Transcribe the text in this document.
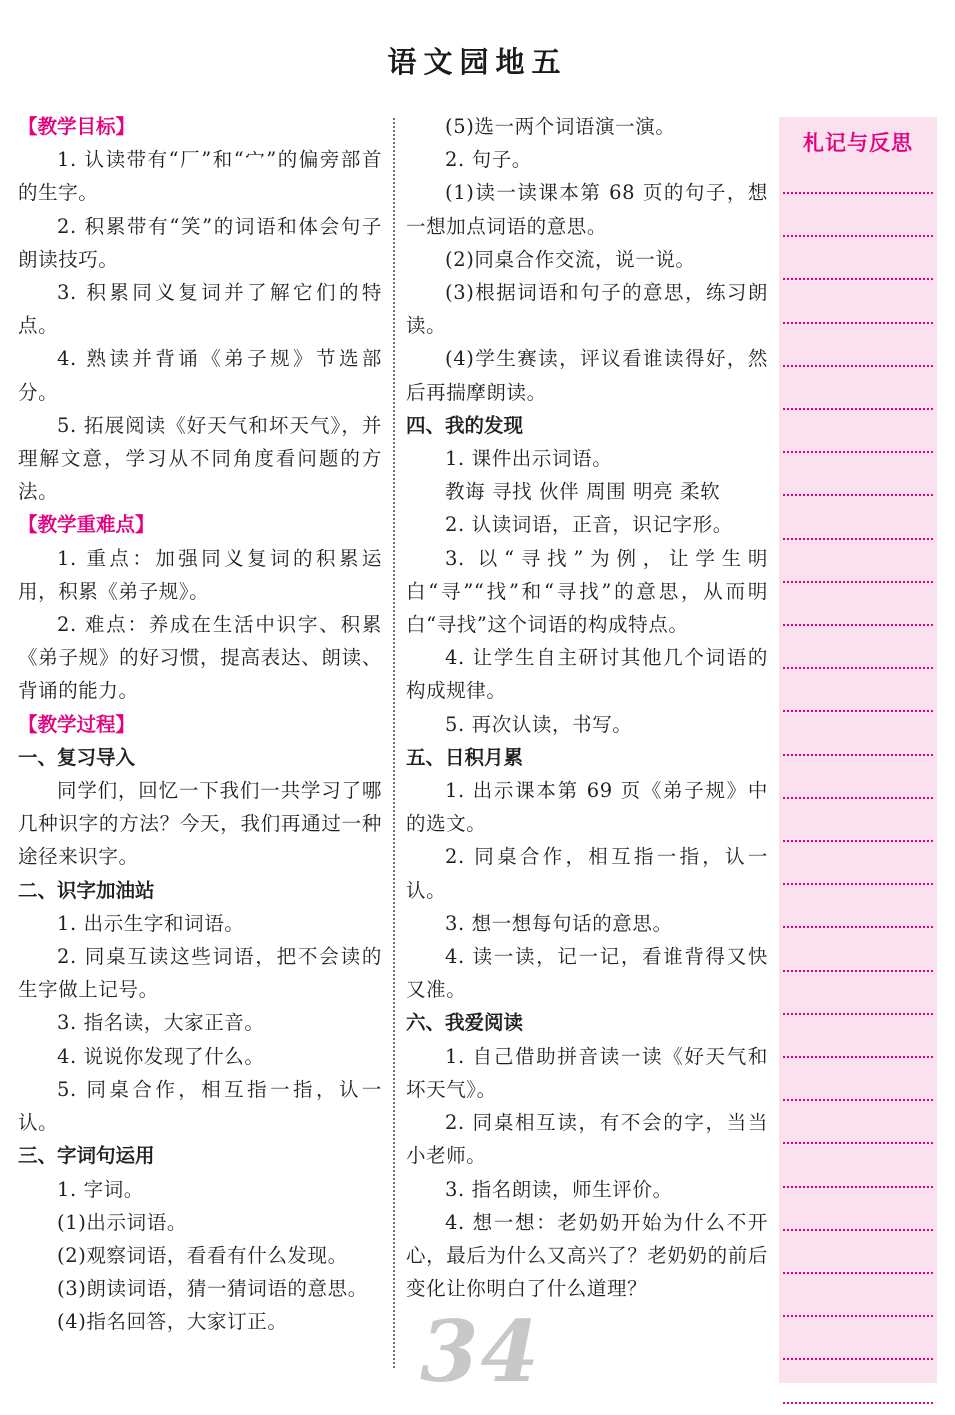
语文园地五

【教学目标】

1. 认读带有“厂”和“宀”的偏旁部首的生字。

2. 积累带有“笑”的词语和体会句子朗读技巧。

3. 积累同义复词并了解它们的特点。

4. 熟读并背诵《弟子规》节选部分。

5. 拓展阅读《好天气和坏天气》，并理解文意，学习从不同角度看问题的方法。

【教学重难点】

1. 重点：加强同义复词的积累运用，积累《弟子规》。

2. 难点：养成在生活中识字、积累《弟子规》的好习惯，提高表达、朗读、背诵的能力。

【教学过程】

一、复习导入

同学们，回忆一下我们一共学习了哪几种识字的方法？今天，我们再通过一种途径来识字。

二、识字加油站

1. 出示生字和词语。

2. 同桌互读这些词语，把不会读的生字做上记号。

3. 指名读，大家正音。

4. 说说你发现了什么。

5. 同桌合作，相互指一指，认一认。

三、字词句运用

1. 字词。

(1)出示词语。

(2)观察词语，看看有什么发现。

(3)朗读词语，猜一猜词语的意思。

(4)指名回答，大家订正。

(5)选一两个词语演一演。

2. 句子。

(1)读一读课本第 68 页的句子，想一想加点词语的意思。

(2)同桌合作交流，说一说。

(3)根据词语和句子的意思，练习朗读。

(4)学生赛读，评议看谁读得好，然后再揣摩朗读。

四、我的发现

1. 课件出示词语。

教诲 寻找 伙伴 周围 明亮 柔软

2. 认读词语，正音，识记字形。

3. 以“寻找”为例，让学生明白“寻”“找”和“寻找”的意思，从而明白“寻找”这个词语的构成特点。

4. 让学生自主研讨其他几个词语的构成规律。

5. 再次认读，书写。

五、日积月累

1. 出示课本第 69 页《弟子规》中的选文。

2. 同桌合作，相互指一指，认一认。

3. 想一想每句话的意思。

4. 读一读，记一记，看谁背得又快又准。

六、我爱阅读

1. 自己借助拼音读一读《好天气和坏天气》。

2. 同桌相互读，有不会的字，当当小老师。

3. 指名朗读，师生评价。

4. 想一想：老奶奶开始为什么不开心，最后为什么又高兴了？老奶奶的前后变化让你明白了什么道理？

札记与反思
34
